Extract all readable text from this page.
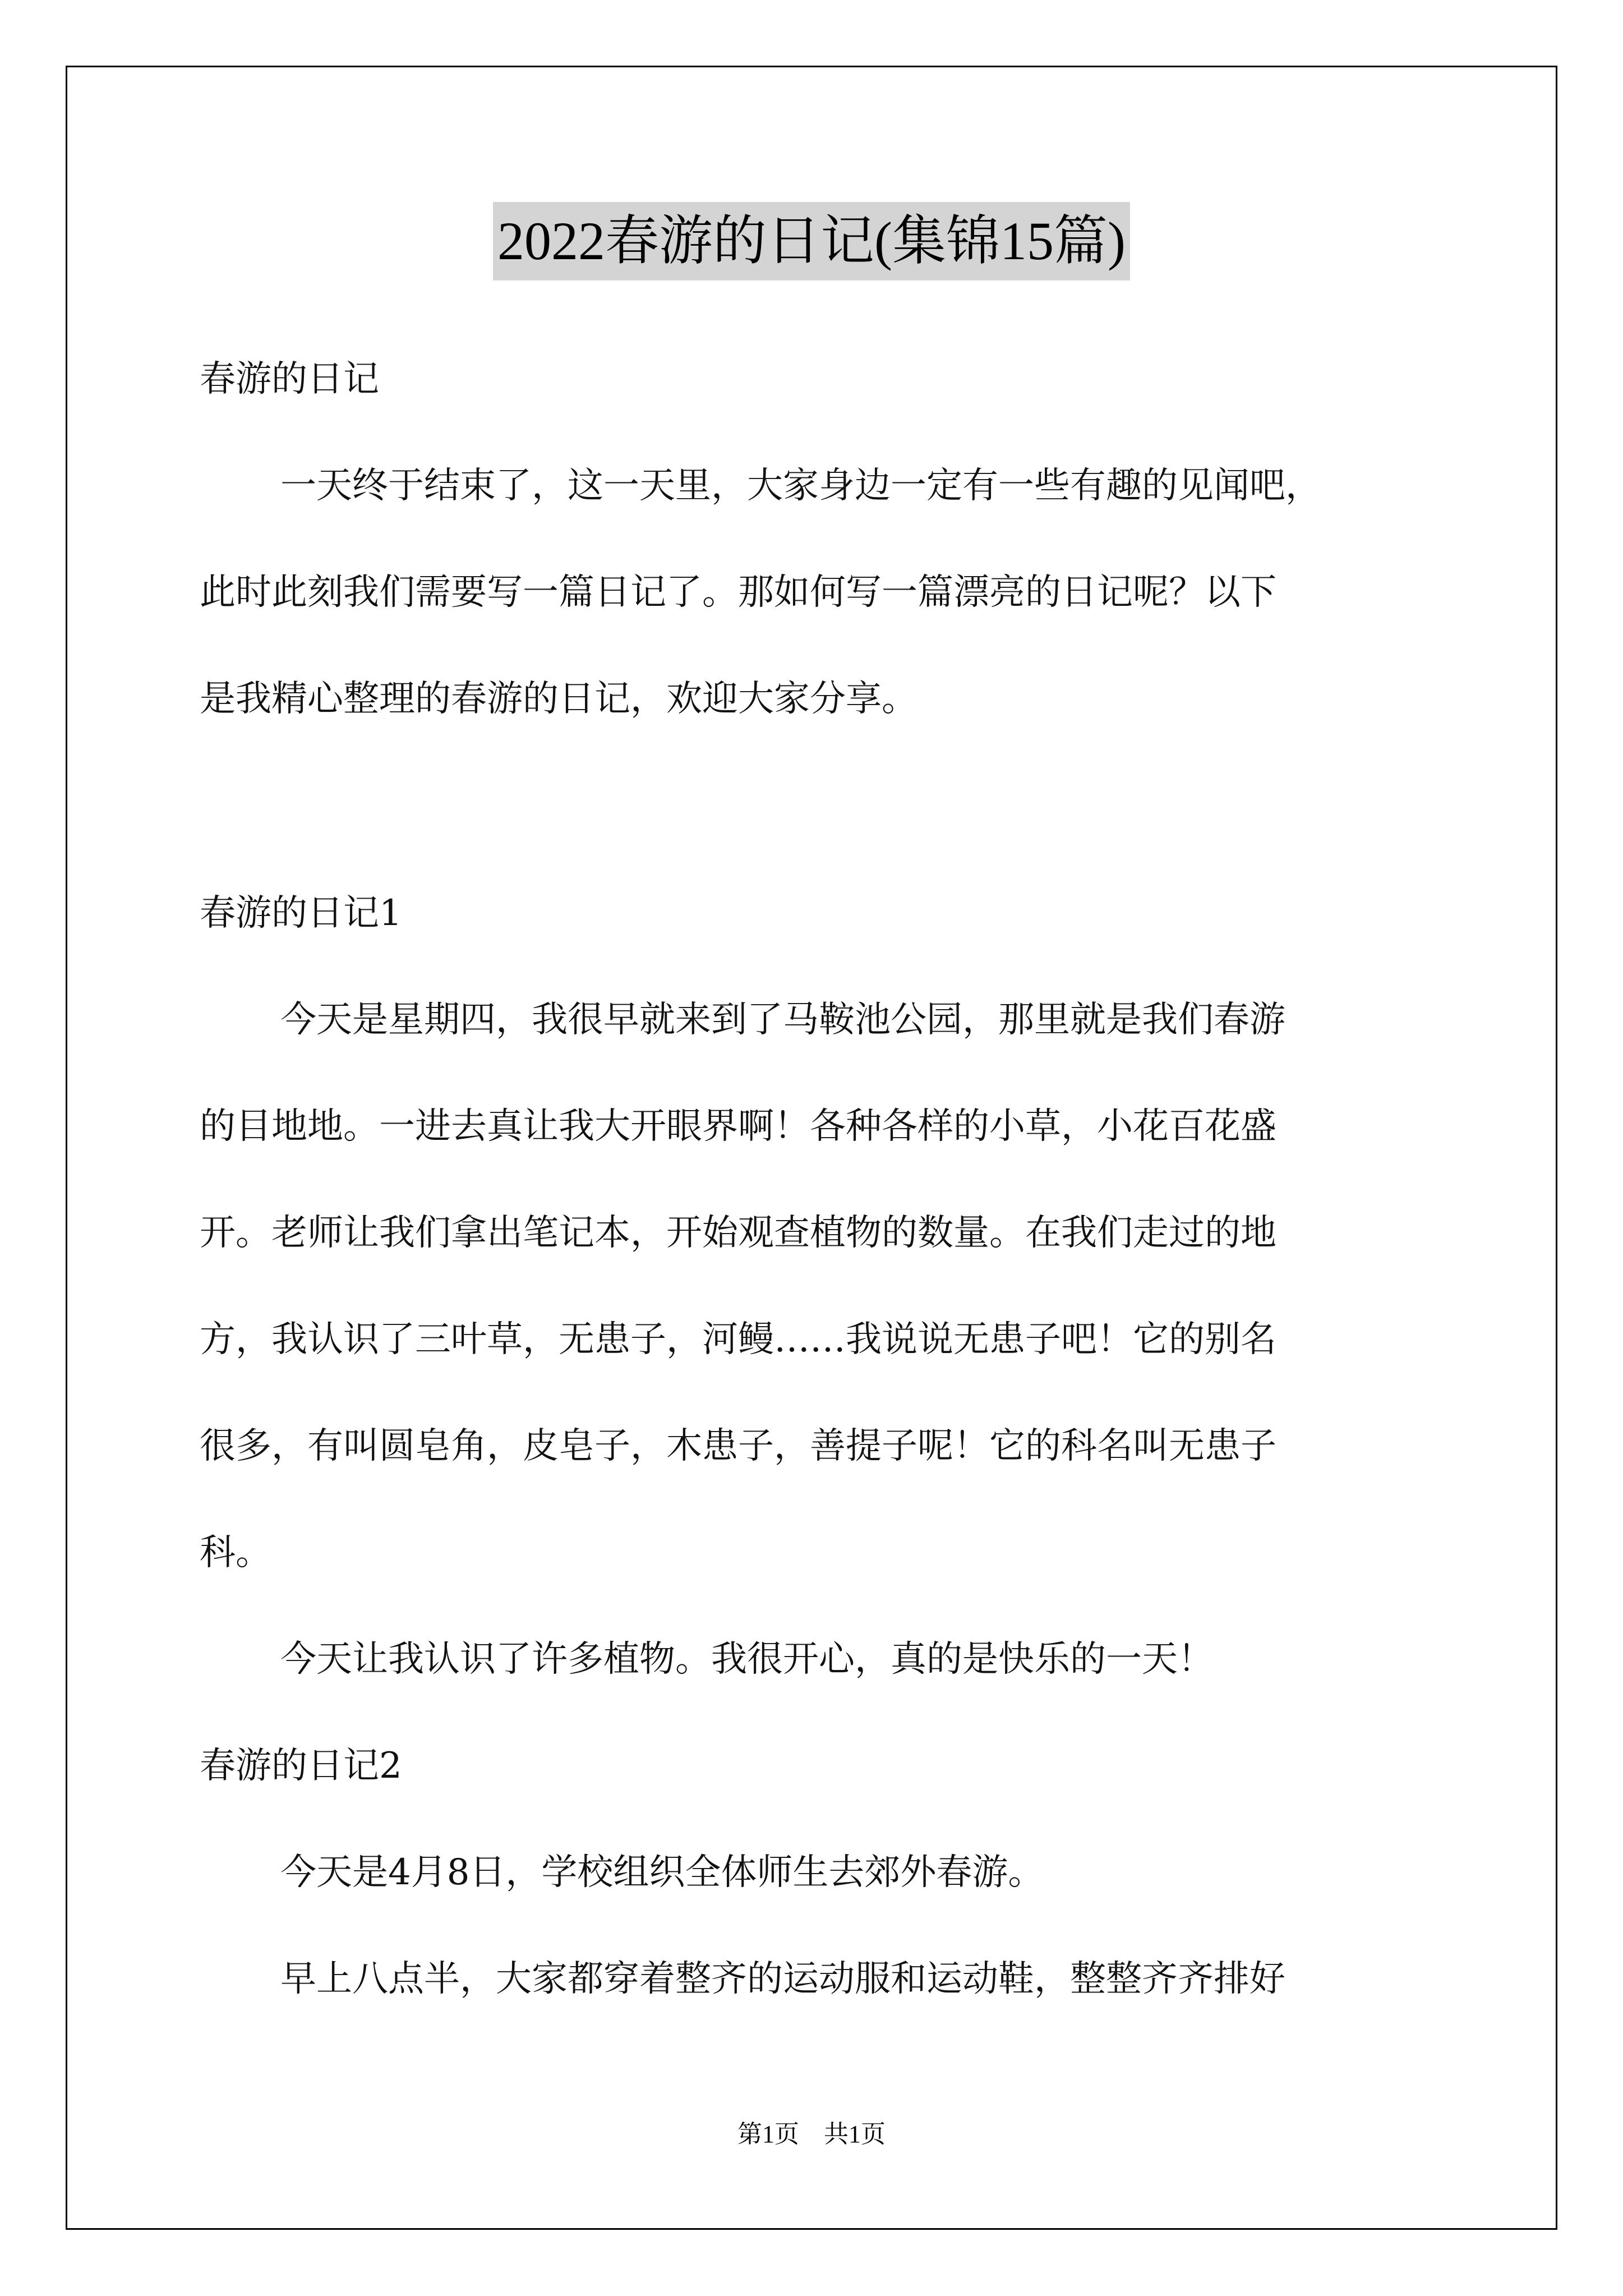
2022春游的日记(集锦15篇)
春游的日记
一天终于结束了，这一天里，大家身边一定有一些有趣的见闻吧，
此时此刻我们需要写一篇日记了。那如何写一篇漂亮的日记呢？以下
是我精心整理的春游的日记，欢迎大家分享。
春游的日记1
今天是星期四，我很早就来到了马鞍池公园，那里就是我们春游
的目地地。一进去真让我大开眼界啊！各种各样的小草，小花百花盛
开。老师让我们拿出笔记本，开始观查植物的数量。在我们走过的地
方，我认识了三叶草，无患子，河鳗……我说说无患子吧！它的别名
很多，有叫圆皂角，皮皂子，木患子，善提子呢！它的科名叫无患子
科。
今天让我认识了许多植物。我很开心，真的是快乐的一天！
春游的日记2
今天是4月8日，学校组织全体师生去郊外春游。
早上八点半，大家都穿着整齐的运动服和运动鞋，整整齐齐排好
第1页　共1页
